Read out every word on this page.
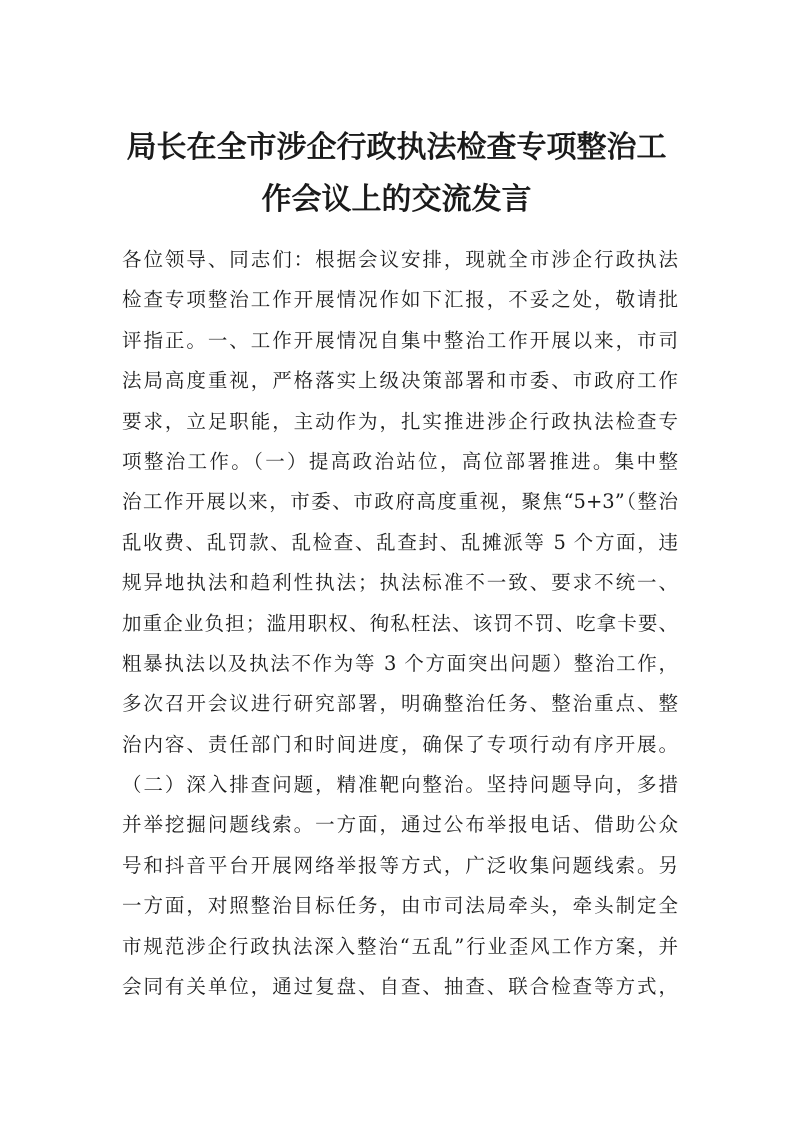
局长在全市涉企行政执法检查专项整治工
作会议上的交流发言
各位领导、同志们：根据会议安排，现就全市涉企行政执法
检查专项整治工作开展情况作如下汇报，不妥之处，敬请批
评指正。一、工作开展情况自集中整治工作开展以来，市司
法局高度重视，严格落实上级决策部署和市委、市政府工作
要求，立足职能，主动作为，扎实推进涉企行政执法检查专
项整治工作。（一）提高政治站位，高位部署推进。集中整
治工作开展以来，市委、市政府高度重视，聚焦“5+3”（整治
乱收费、乱罚款、乱检查、乱查封、乱摊派等 5 个方面，违
规异地执法和趋利性执法；执法标准不一致、要求不统一、
加重企业负担；滥用职权、徇私枉法、该罚不罚、吃拿卡要、
粗暴执法以及执法不作为等 3 个方面突出问题）整治工作，
多次召开会议进行研究部署，明确整治任务、整治重点、整
治内容、责任部门和时间进度，确保了专项行动有序开展。
（二）深入排查问题，精准靶向整治。坚持问题导向，多措
并举挖掘问题线索。一方面，通过公布举报电话、借助公众
号和抖音平台开展网络举报等方式，广泛收集问题线索。另
一方面，对照整治目标任务，由市司法局牵头，牵头制定全
市规范涉企行政执法深入整治“五乱”行业歪风工作方案，并
会同有关单位，通过复盘、自查、抽查、联合检查等方式，
